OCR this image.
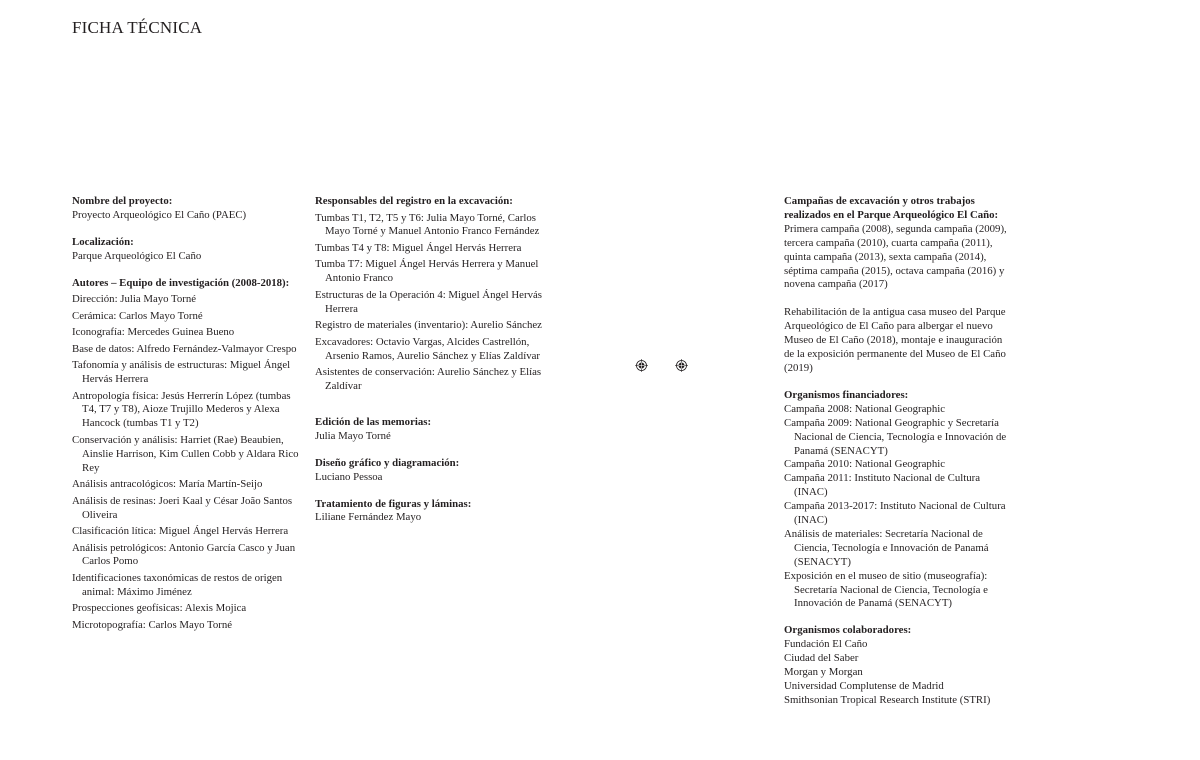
FICHA TÉCNICA
Nombre del proyecto:
Proyecto Arqueológico El Caño (PAEC)
Localización:
Parque Arqueológico El Caño
Autores – Equipo de investigación (2008-2018):
Dirección: Julia Mayo Torné
Cerámica: Carlos Mayo Torné
Iconografía: Mercedes Guinea Bueno
Base de datos: Alfredo Fernández-Valmayor Crespo
Tafonomía y análisis de estructuras: Miguel Ángel Hervás Herrera
Antropología física: Jesús Herrerín López (tumbas T4, T7 y T8), Aioze Trujillo Mederos y Alexa Hancock (tumbas T1 y T2)
Conservación y análisis: Harriet (Rae) Beaubien, Ainslie Harrison, Kim Cullen Cobb y Aldara Rico Rey
Análisis antracológicos: María Martín-Seijo
Análisis de resinas: Joeri Kaal y César João Santos Oliveira
Clasificación lítica: Miguel Ángel Hervás Herrera
Análisis petrológicos: Antonio García Casco y Juan Carlos Pomo
Identificaciones taxonómicas de restos de origen animal: Máximo Jiménez
Prospecciones geofísicas: Alexis Mojica
Microtopografía: Carlos Mayo Torné
Responsables del registro en la excavación:
Tumbas T1, T2, T5 y T6: Julia Mayo Torné, Carlos Mayo Torné y Manuel Antonio Franco Fernández
Tumbas T4 y T8: Miguel Ángel Hervás Herrera
Tumba T7: Miguel Ángel Hervás Herrera y Manuel Antonio Franco
Estructuras de la Operación 4: Miguel Ángel Hervás Herrera
Registro de materiales (inventario): Aurelio Sánchez
Excavadores: Octavio Vargas, Alcides Castrellón, Arsenio Ramos, Aurelio Sánchez y Elías Zaldívar
Asistentes de conservación: Aurelio Sánchez y Elías Zaldívar
Edición de las memorias:
Julia Mayo Torné
Diseño gráfico y diagramación:
Luciano Pessoa
Tratamiento de figuras y láminas:
Liliane Fernández Mayo
Campañas de excavación y otros trabajos realizados en el Parque Arqueológico El Caño:
Primera campaña (2008), segunda campaña (2009), tercera campaña (2010), cuarta campaña (2011), quinta campaña (2013), sexta campaña (2014), séptima campaña (2015), octava campaña (2016) y novena campaña (2017)
Rehabilitación de la antigua casa museo del Parque Arqueológico de El Caño para albergar el nuevo Museo de El Caño (2018), montaje e inauguración de la exposición permanente del Museo de El Caño (2019)
Organismos financiadores:
Campaña 2008: National Geographic
Campaña 2009: National Geographic y Secretaría Nacional de Ciencia, Tecnología e Innovación de Panamá (SENACYT)
Campaña 2010: National Geographic
Campaña 2011: Instituto Nacional de Cultura (INAC)
Campaña 2013-2017: Instituto Nacional de Cultura (INAC)
Análisis de materiales: Secretaría Nacional de Ciencia, Tecnología e Innovación de Panamá (SENACYT)
Exposición en el museo de sitio (museografía): Secretaría Nacional de Ciencia, Tecnología e Innovación de Panamá (SENACYT)
Organismos colaboradores:
Fundación El Caño
Ciudad del Saber
Morgan y Morgan
Universidad Complutense de Madrid
Smithsonian Tropical Research Institute (STRI)
